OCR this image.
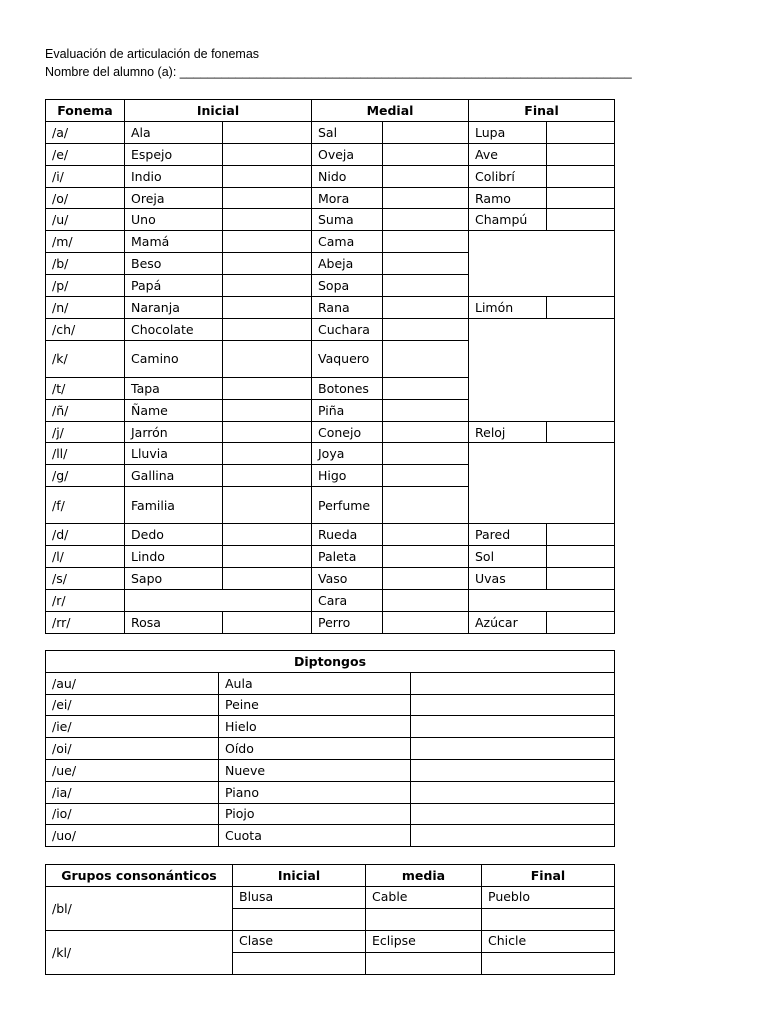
Evaluación de articulación de fonemas
Nombre del alumno (a): _________________________________________________________________
Fonema	Inicial		Medial		Final	
/a/	Ala		Sal		Lupa	
/e/	Espejo		Oveja		Ave	
/i/	Indio		Nido		Colibrí	
/o/	Oreja		Mora		Ramo	
/u/	Uno		Suma		Champú	
/m/	Mamá		Cama			
/b/	Beso		Abeja			
/p/	Papá		Sopa			
/n/	Naranja		Rana		Limón	
/ch/	Chocolate		Cuchara			
/k/	Camino		Vaquero			
/t/	Tapa		Botones			
/ñ/	Ñame		Piña			
/j/	Jarrón		Conejo		Reloj	
/ll/	Lluvia		Joya			
/g/	Gallina		Higo			
/f/	Familia		Perfume			
/d/	Dedo		Rueda		Pared	
/l/	Lindo		Paleta		Sol	
/s/	Sapo		Vaso		Uvas	
/r/			Cara			
/rr/	Rosa		Perro		Azúcar	
Diptongos		
/au/	Aula	
/ei/	Peine	
/ie/	Hielo	
/oi/	Oído	
/ue/	Nueve	
/ia/	Piano	
/io/	Piojo	
/uo/	Cuota	
Grupos consonánticos	Inicial	media	Final
/bl/	Blusa	Cable	Pueblo

/kl/	Clase	Eclipse	Chicle
